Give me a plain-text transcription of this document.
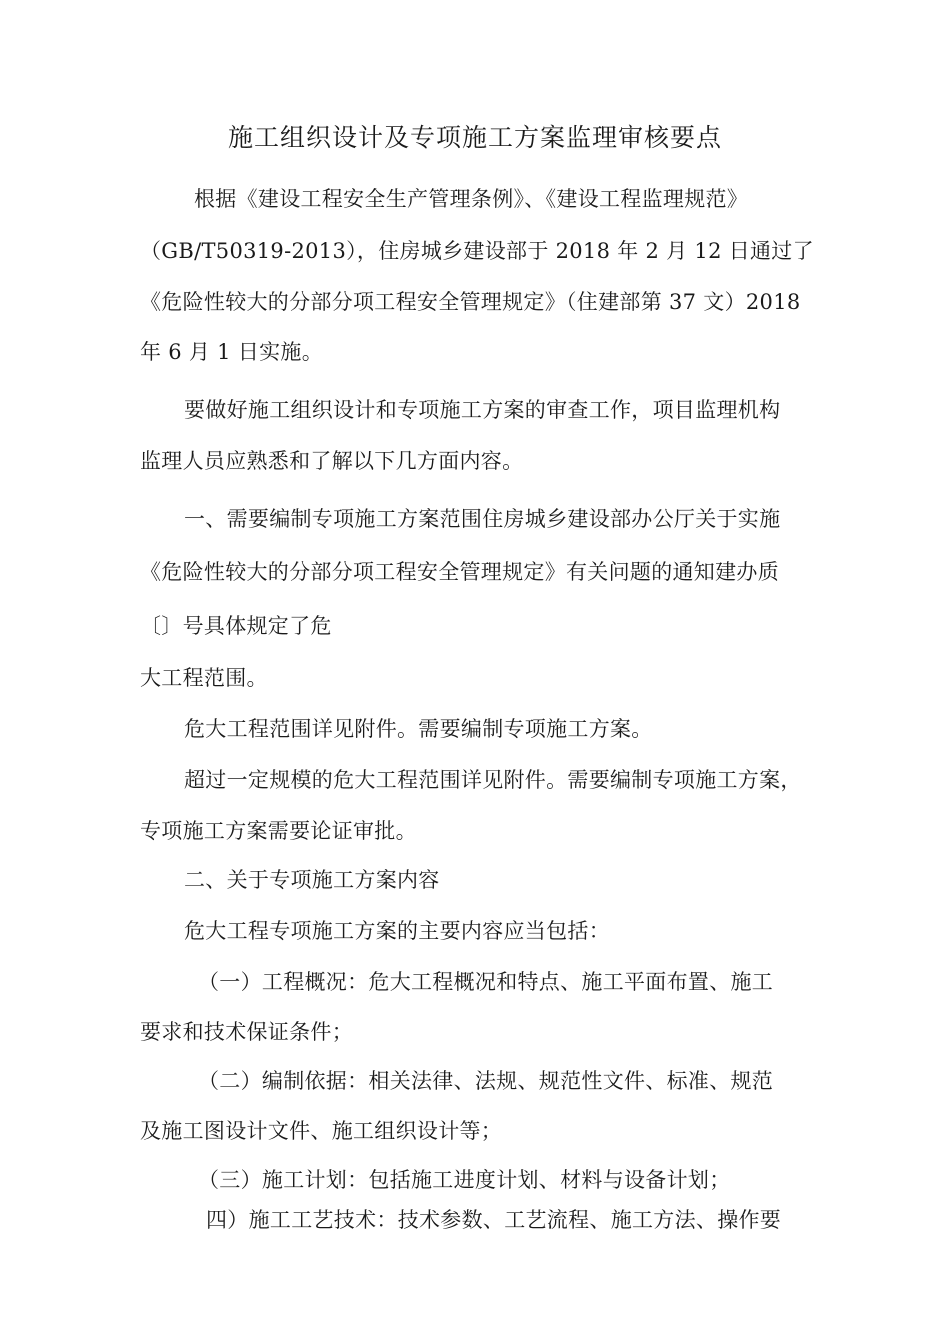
施工组织设计及专项施工方案监理审核要点
根据《建设工程安全生产管理条例》、《建设工程监理规范》
（GB/T50319-2013），住房城乡建设部于 2018 年 2 月 12 日通过了
《危险性较大的分部分项工程安全管理规定》（住建部第 37 文）2018
年 6 月 1 日实施。
要做好施工组织设计和专项施工方案的审查工作，项目监理机构
监理人员应熟悉和了解以下几方面内容。
一、需要编制专项施工方案范围住房城乡建设部办公厅关于实施
《危险性较大的分部分项工程安全管理规定》有关问题的通知建办质
〔〕号具体规定了危
大工程范围。
危大工程范围详见附件。需要编制专项施工方案。
超过一定规模的危大工程范围详见附件。需要编制专项施工方案，
专项施工方案需要论证审批。
二、关于专项施工方案内容
危大工程专项施工方案的主要内容应当包括：
（一）工程概况：危大工程概况和特点、施工平面布置、施工
要求和技术保证条件；
（二）编制依据：相关法律、法规、规范性文件、标准、规范
及施工图设计文件、施工组织设计等；
（三）施工计划：包括施工进度计划、材料与设备计划；
四）施工工艺技术：技术参数、工艺流程、施工方法、操作要
